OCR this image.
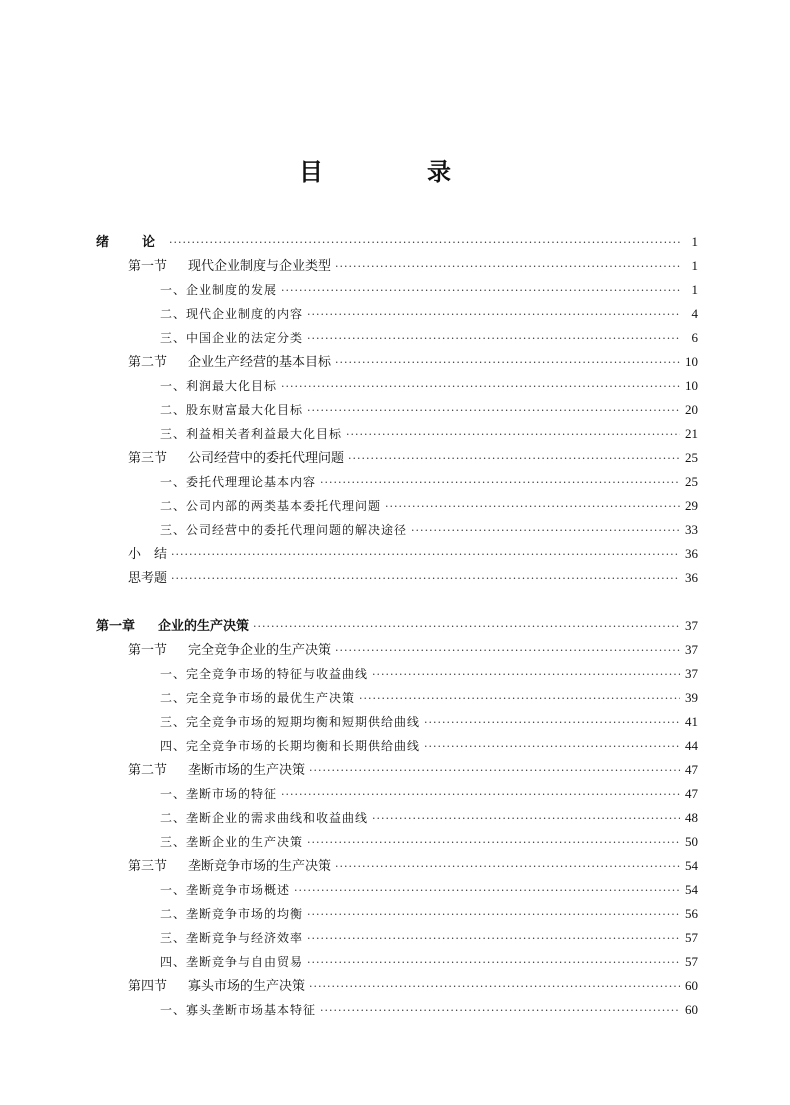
目　录
绪　论 ·····	1
第一节	现代企业制度与企业类型 ·····	1
一、企业制度的发展 ·····	1
二、现代企业制度的内容 ·····	4
三、中国企业的法定分类 ·····	6
第二节	企业生产经营的基本目标 ·····	10
一、利润最大化目标 ·····	10
二、股东财富最大化目标 ·····	20
三、利益相关者利益最大化目标 ·····	21
第三节	公司经营中的委托代理问题 ·····	25
一、委托代理理论基本内容 ·····	25
二、公司内部的两类基本委托代理问题 ·····	29
三、公司经营中的委托代理问题的解决途径 ·····	33
小　结 ·····	36
思考题 ·····	36
第一章	企业的生产决策 ·····	37
第一节	完全竞争企业的生产决策 ·····	37
一、完全竞争市场的特征与收益曲线 ·····	37
二、完全竞争市场的最优生产决策 ·····	39
三、完全竞争市场的短期均衡和短期供给曲线 ·····	41
四、完全竞争市场的长期均衡和长期供给曲线 ·····	44
第二节	垄断市场的生产决策 ·····	47
一、垄断市场的特征 ·····	47
二、垄断企业的需求曲线和收益曲线 ·····	48
三、垄断企业的生产决策 ·····	50
第三节	垄断竞争市场的生产决策 ·····	54
一、垄断竞争市场概述 ·····	54
二、垄断竞争市场的均衡 ·····	56
三、垄断竞争与经济效率 ·····	57
四、垄断竞争与自由贸易 ·····	57
第四节	寡头市场的生产决策 ·····	60
一、寡头垄断市场基本特征 ·····	60
